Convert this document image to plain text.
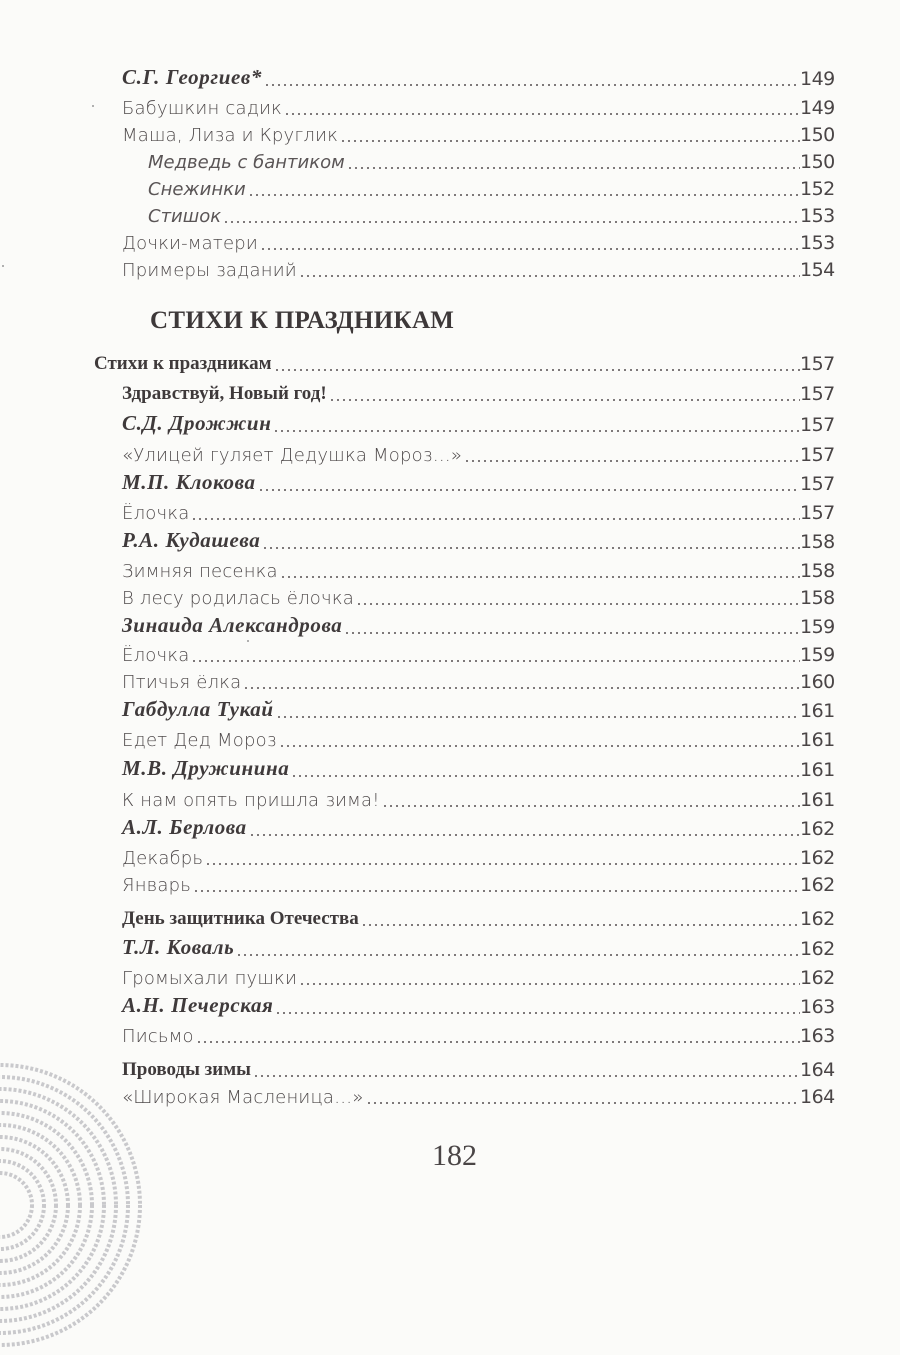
С.Г. Георгиев*	149
Бабушкин садик	149
Маша, Лиза и Круглик	150
Медведь с бантиком	150
Снежинки	152
Стишок	153
Дочки-матери	153
Примеры заданий	154
СТИХИ К ПРАЗДНИКАМ
Стихи к праздникам	157
Здравствуй, Новый год!	157
С.Д. Дрожжин	157
«Улицей гуляет Дедушка Мороз…»	157
М.П. Клокова	157
Ёлочка	157
Р.А. Кудашева	158
Зимняя песенка	158
В лесу родилась ёлочка	158
Зинаида Александрова	159
Ёлочка	159
Птичья ёлка	160
Габдулла Тукай	161
Едет Дед Мороз	161
М.В. Дружинина	161
К нам опять пришла зима!	161
А.Л. Берлова	162
Декабрь	162
Январь	162
День защитника Отечества	162
Т.Л. Коваль	162
Громыхали пушки	162
А.Н. Печерская	163
Письмо	163
Проводы зимы	164
«Широкая Масленица…»	164
182
